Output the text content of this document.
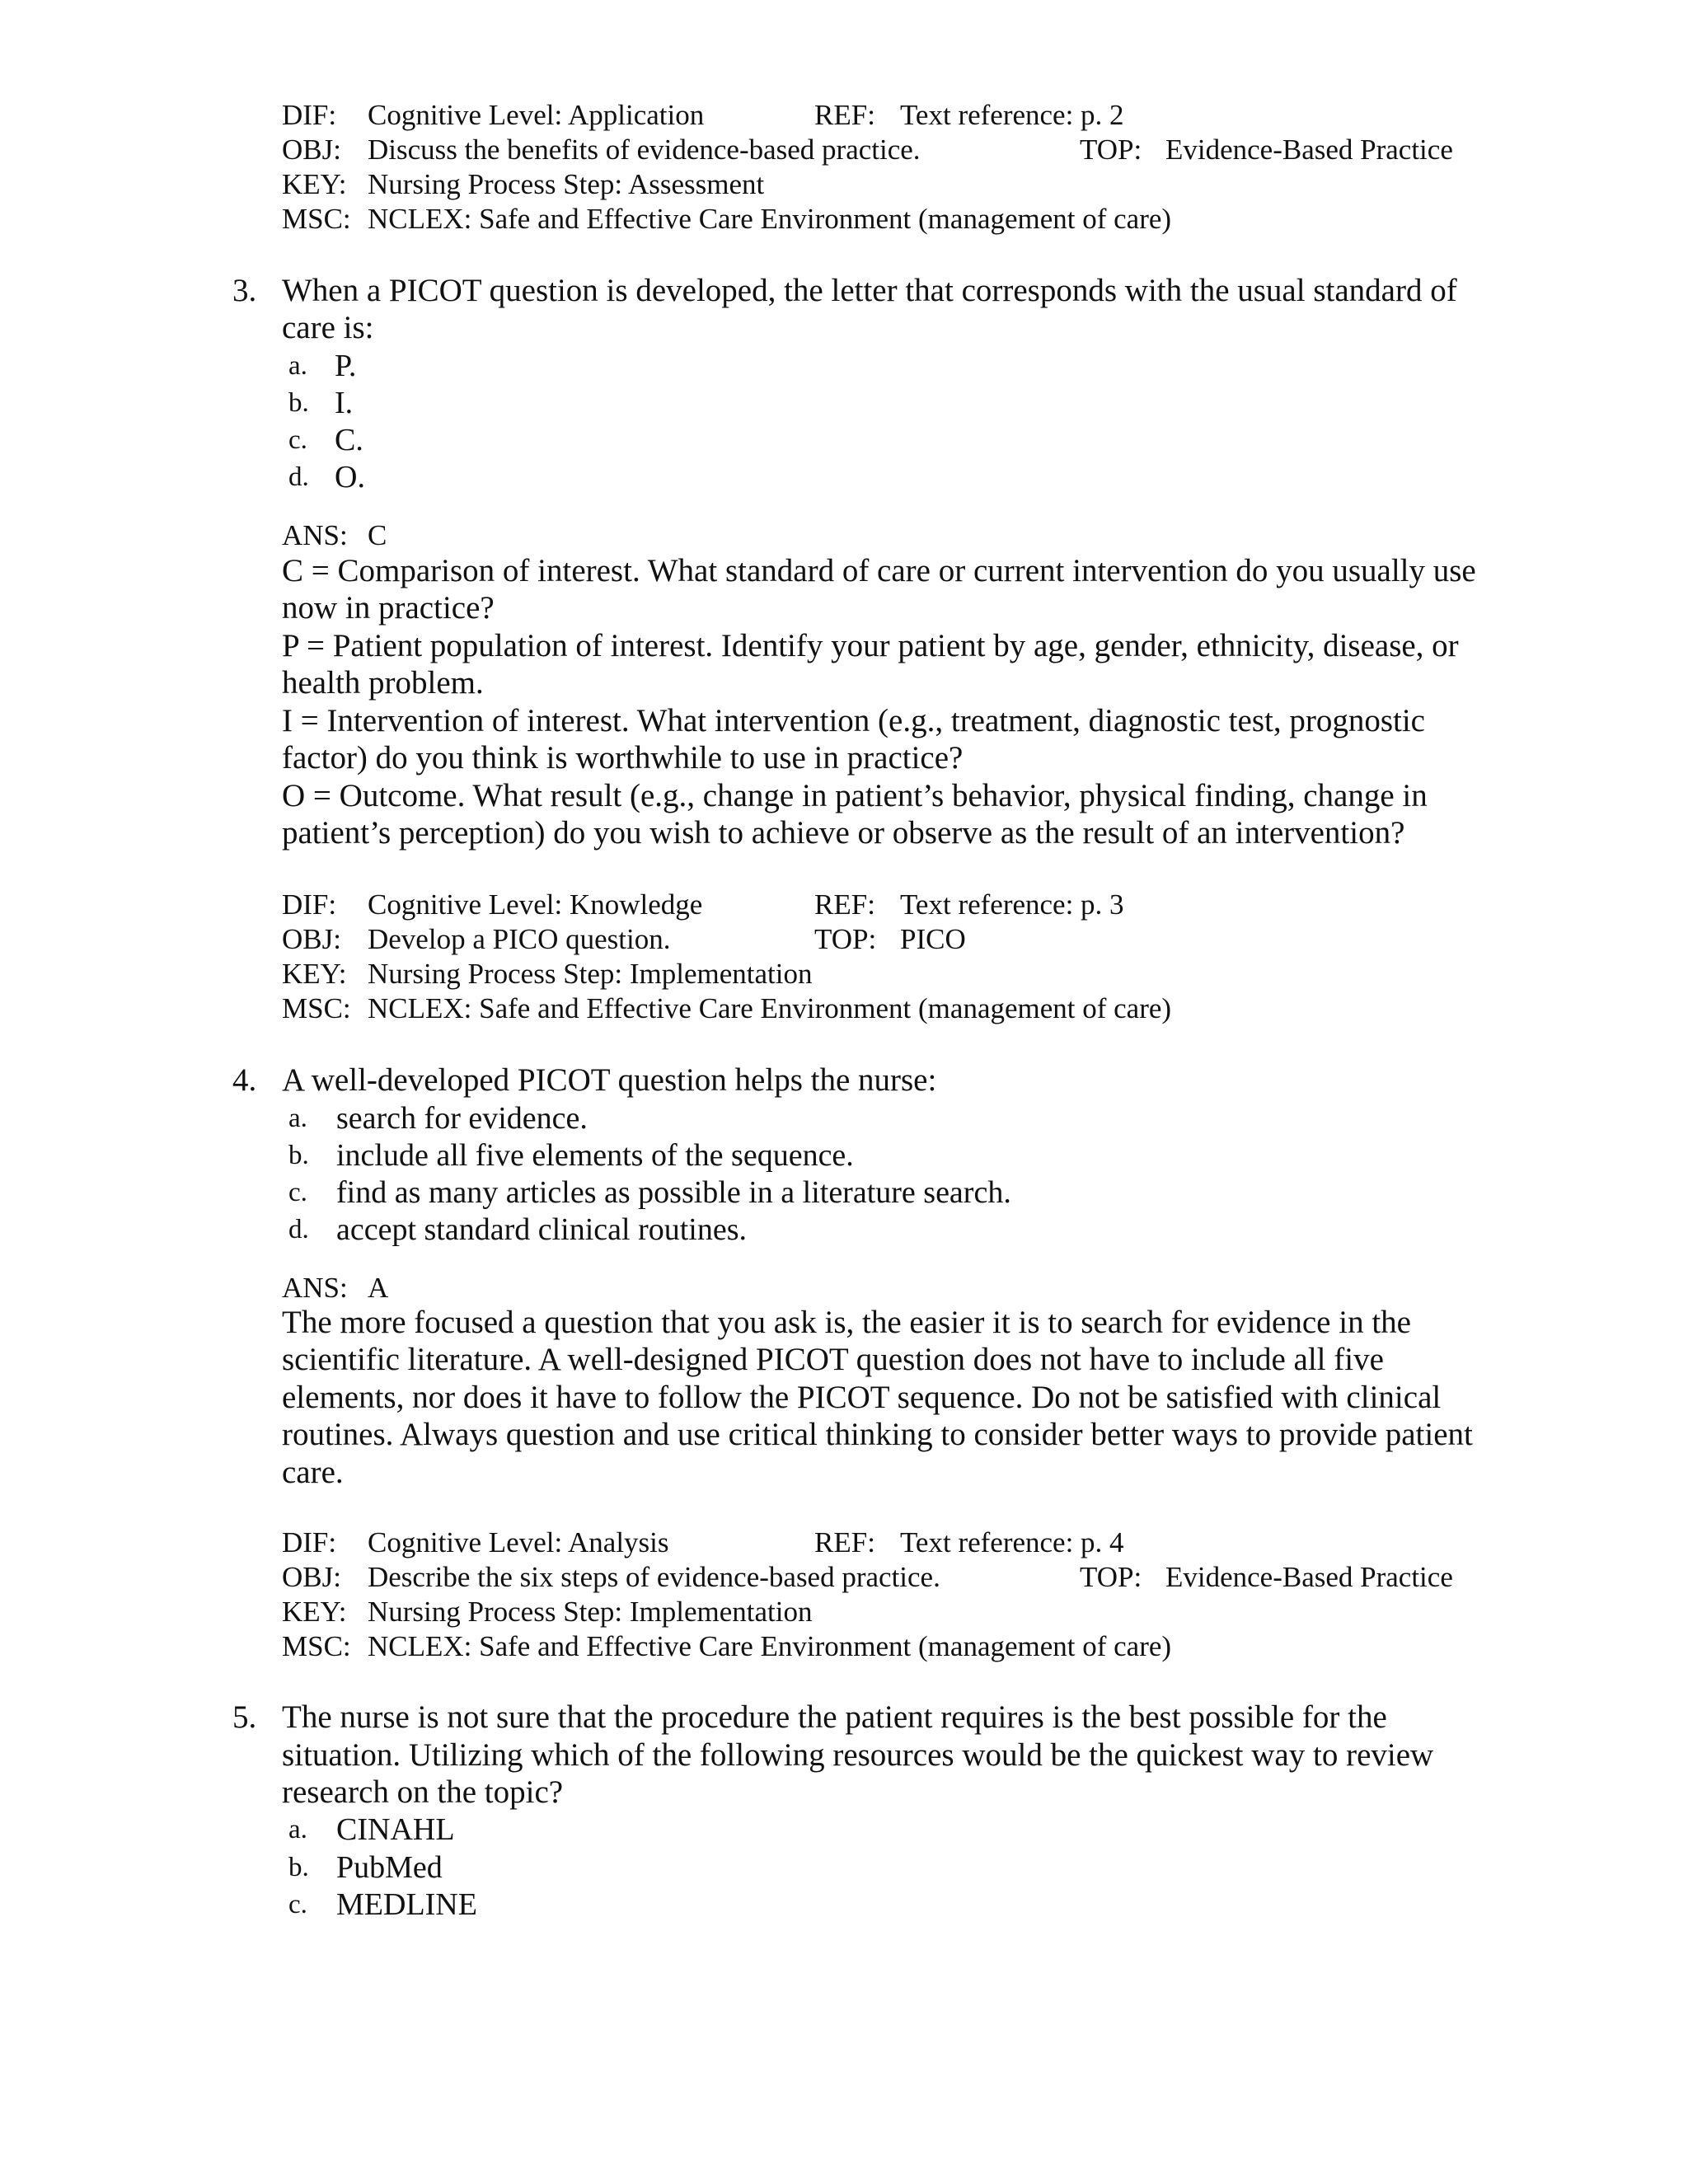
DIF: Cognitive Level: Application	REF: Text reference: p. 2
OBJ: Discuss the benefits of evidence-based practice.	TOP: Evidence-Based Practice
KEY: Nursing Process Step: Assessment
MSC: NCLEX: Safe and Effective Care Environment (management of care)
3. When a PICOT question is developed, the letter that corresponds with the usual standard of
care is:
a. P.
b. I.
c. C.
d. O.
ANS: C
C = Comparison of interest. What standard of care or current intervention do you usually use
now in practice?
P = Patient population of interest. Identify your patient by age, gender, ethnicity, disease, or
health problem.
I = Intervention of interest. What intervention (e.g., treatment, diagnostic test, prognostic
factor) do you think is worthwhile to use in practice?
O = Outcome. What result (e.g., change in patient’s behavior, physical finding, change in
patient’s perception) do you wish to achieve or observe as the result of an intervention?
DIF: Cognitive Level: Knowledge	REF: Text reference: p. 3
OBJ: Develop a PICO question.	TOP: PICO
KEY: Nursing Process Step: Implementation
MSC: NCLEX: Safe and Effective Care Environment (management of care)
4. A well-developed PICOT question helps the nurse:
a. search for evidence.
b. include all five elements of the sequence.
c. find as many articles as possible in a literature search.
d. accept standard clinical routines.
ANS: A
The more focused a question that you ask is, the easier it is to search for evidence in the
scientific literature. A well-designed PICOT question does not have to include all five
elements, nor does it have to follow the PICOT sequence. Do not be satisfied with clinical
routines. Always question and use critical thinking to consider better ways to provide patient
care.
DIF: Cognitive Level: Analysis	REF: Text reference: p. 4
OBJ: Describe the six steps of evidence-based practice.	TOP: Evidence-Based Practice
KEY: Nursing Process Step: Implementation
MSC: NCLEX: Safe and Effective Care Environment (management of care)
5. The nurse is not sure that the procedure the patient requires is the best possible for the
situation. Utilizing which of the following resources would be the quickest way to review
research on the topic?
a. CINAHL
b. PubMed
c. MEDLINE
